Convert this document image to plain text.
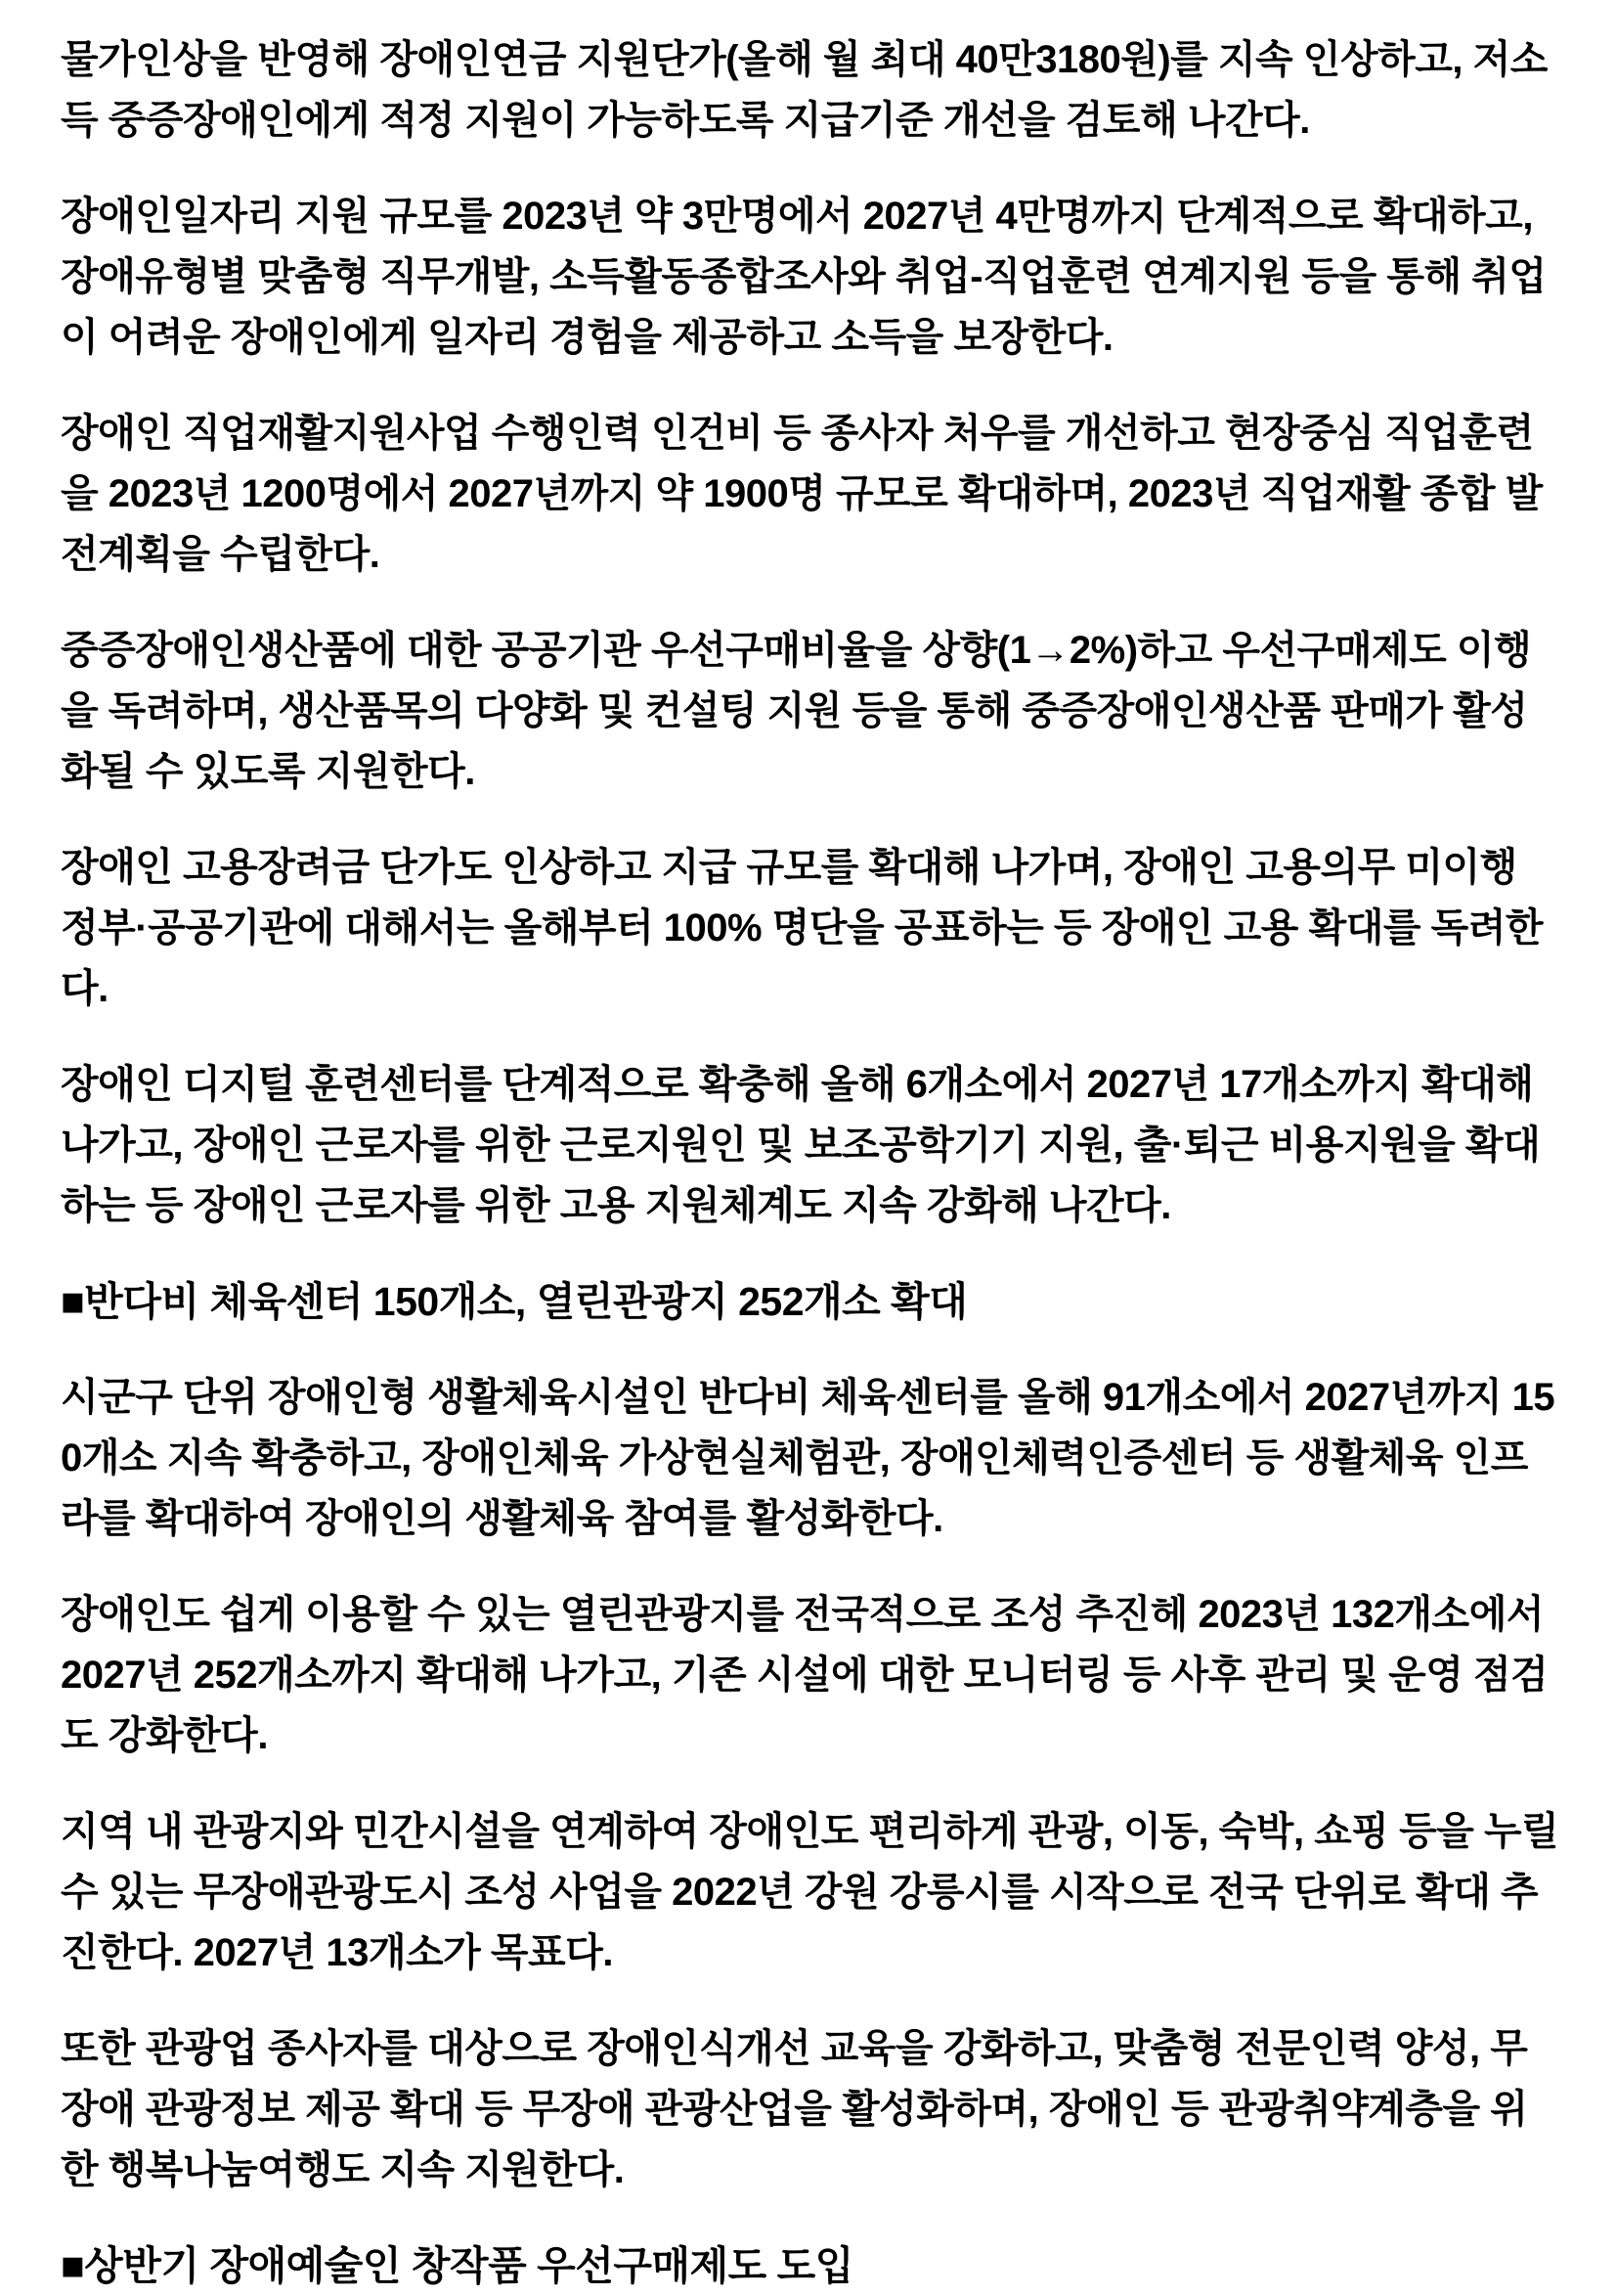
물가인상을 반영해 장애인연금 지원단가(올해 월 최대 40만3180원)를 지속 인상하고, 저소득 중증장애인에게 적정 지원이 가능하도록 지급기준 개선을 검토해 나간다.

장애인일자리 지원 규모를 2023년 약 3만명에서 2027년 4만명까지 단계적으로 확대하고, 장애유형별 맞춤형 직무개발, 소득활동종합조사와 취업-직업훈련 연계지원 등을 통해 취업이 어려운 장애인에게 일자리 경험을 제공하고 소득을 보장한다.

장애인 직업재활지원사업 수행인력 인건비 등 종사자 처우를 개선하고 현장중심 직업훈련을 2023년 1200명에서 2027년까지 약 1900명 규모로 확대하며, 2023년 직업재활 종합 발전계획을 수립한다.

중증장애인생산품에 대한 공공기관 우선구매비율을 상향(1→2%)하고 우선구매제도 이행을 독려하며, 생산품목의 다양화 및 컨설팅 지원 등을 통해 중증장애인생산품 판매가 활성화될 수 있도록 지원한다.

장애인 고용장려금 단가도 인상하고 지급 규모를 확대해 나가며, 장애인 고용의무 미이행 정부·공공기관에 대해서는 올해부터 100% 명단을 공표하는 등 장애인 고용 확대를 독려한다.

장애인 디지털 훈련센터를 단계적으로 확충해 올해 6개소에서 2027년 17개소까지 확대해 나가고, 장애인 근로자를 위한 근로지원인 및 보조공학기기 지원, 출·퇴근 비용지원을 확대하는 등 장애인 근로자를 위한 고용 지원체계도 지속 강화해 나간다.

■반다비 체육센터 150개소, 열린관광지 252개소 확대

시군구 단위 장애인형 생활체육시설인 반다비 체육센터를 올해 91개소에서 2027년까지 150개소 지속 확충하고, 장애인체육 가상현실체험관, 장애인체력인증센터 등 생활체육 인프라를 확대하여 장애인의 생활체육 참여를 활성화한다.

장애인도 쉽게 이용할 수 있는 열린관광지를 전국적으로 조성 추진헤 2023년 132개소에서 2027년 252개소까지 확대해 나가고, 기존 시설에 대한 모니터링 등 사후 관리 및 운영 점검도 강화한다.

지역 내 관광지와 민간시설을 연계하여 장애인도 편리하게 관광, 이동, 숙박, 쇼핑 등을 누릴 수 있는 무장애관광도시 조성 사업을 2022년 강원 강릉시를 시작으로 전국 단위로 확대 추진한다. 2027년 13개소가 목표다.

또한 관광업 종사자를 대상으로 장애인식개선 교육을 강화하고, 맞춤형 전문인력 양성, 무장애 관광정보 제공 확대 등 무장애 관광산업을 활성화하며, 장애인 등 관광취약계층을 위한 행복나눔여행도 지속 지원한다.

■상반기 장애예술인 창작품 우선구매제도 도입
